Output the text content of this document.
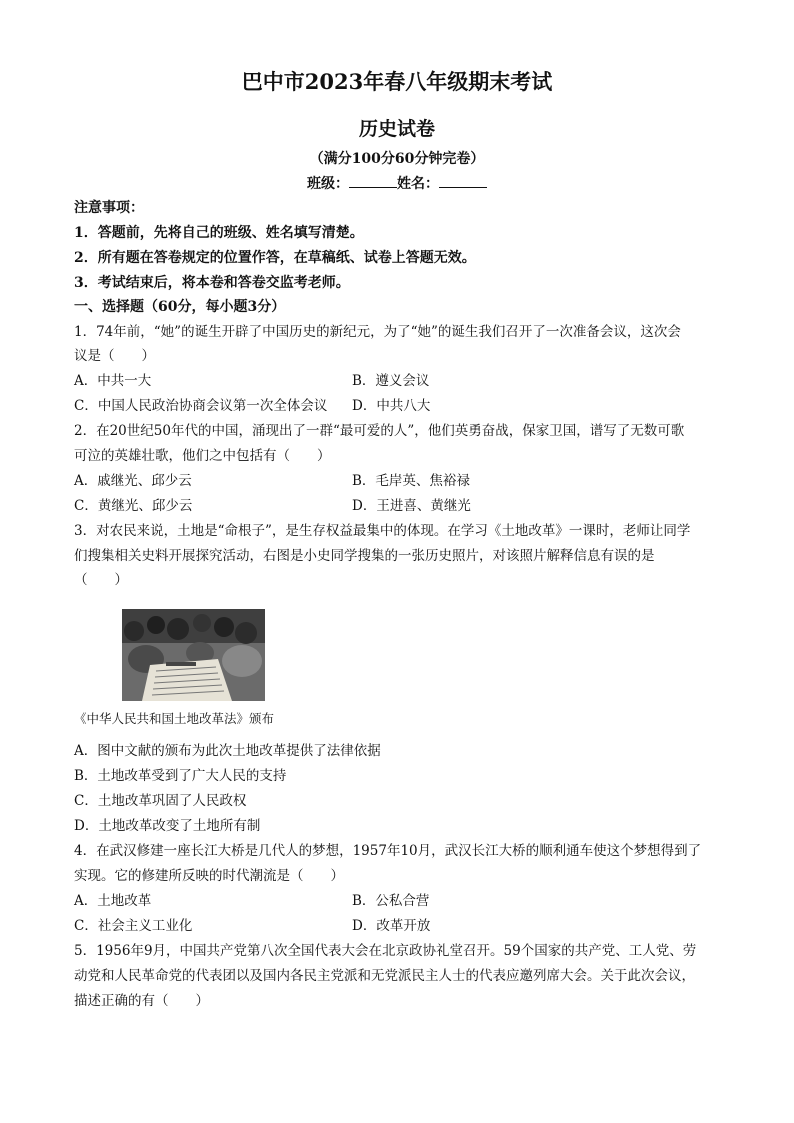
巴中市2023年春八年级期末考试
历史试卷
（满分100分60分钟完卷）
班级：	姓名：
注意事项：
1．答题前，先将自己的班级、姓名填写清楚。
2．所有题在答卷规定的位置作答，在草稿纸、试卷上答题无效。
3．考试结束后，将本卷和答卷交监考老师。
一、选择题（60分，每小题3分）
1．74年前，“她”的诞生开辟了中国历史的新纪元，为了“她”的诞生我们召开了一次准备会议，这次会
议是（　　）
A．中共一大	B．遵义会议
C．中国人民政治协商会议第一次全体会议 D．中共八大
2．在20世纪50年代的中国，涌现出了一群“最可爱的人”，他们英勇奋战，保家卫国，谱写了无数可歌
可泣的英雄壮歌，他们之中包括有（　　）
A．戚继光、邱少云	B．毛岸英、焦裕禄
C．黄继光、邱少云	D．王进喜、黄继光
3．对农民来说，土地是“命根子”，是生存权益最集中的体现。在学习《土地改革》一课时，老师让同学
们搜集相关史料开展探究活动，右图是小史同学搜集的一张历史照片，对该照片解释信息有误的是
（　　）
《中华人民共和国土地改革法》颁布
A．图中文献的颁布为此次土地改革提供了法律依据
B．土地改革受到了广大人民的支持
C．土地改革巩固了人民政权
D．土地改革改变了土地所有制
4．在武汉修建一座长江大桥是几代人的梦想，1957年10月，武汉长江大桥的顺利通车使这个梦想得到了
实现。它的修建所反映的时代潮流是（　　）
A．土地改革	B．公私合营
C．社会主义工业化	D．改革开放
5．1956年9月，中国共产党第八次全国代表大会在北京政协礼堂召开。59个国家的共产党、工人党、劳
动党和人民革命党的代表团以及国内各民主党派和无党派民主人士的代表应邀列席大会。关于此次会议，
描述正确的有（　　）
